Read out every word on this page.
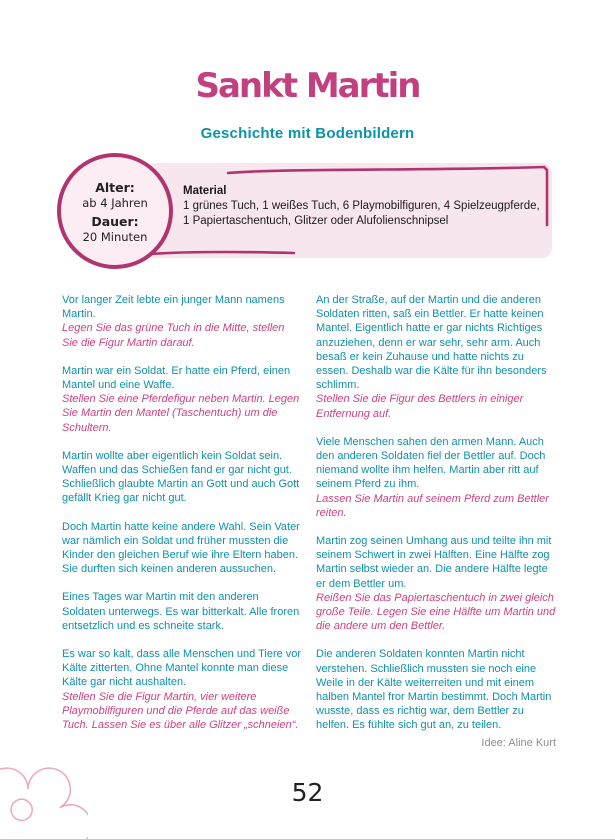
Sankt Martin
Geschichte mit Bodenbildern
Material
1 grünes Tuch, 1 weißes Tuch, 6 Playmobilfiguren, 4 Spielzeugpferde, 1 Papiertaschentuch, Glitzer oder Alufolienschnipsel
Alter:
ab 4 Jahren
Dauer:
20 Minuten

Vor langer Zeit lebte ein junger Mann namens Martin.

Legen Sie das grüne Tuch in die Mitte, stellen Sie die Figur Martin darauf.

Martin war ein Soldat. Er hatte ein Pferd, einen Mantel und eine Waffe.

Stellen Sie eine Pferdefigur neben Martin. Legen Sie Martin den Mantel (Taschentuch) um die Schultern.

Martin wollte aber eigentlich kein Soldat sein. Waffen und das Schießen fand er gar nicht gut. Schließlich glaubte Martin an Gott und auch Gott gefällt Krieg gar nicht gut.

Doch Martin hatte keine andere Wahl. Sein Vater war nämlich ein Soldat und früher mussten die Kinder den gleichen Beruf wie ihre Eltern haben. Sie durften sich keinen anderen aussuchen.

Eines Tages war Martin mit den anderen Soldaten unterwegs. Es war bitterkalt. Alle froren entsetzlich und es schneite stark.

Es war so kalt, dass alle Menschen und Tiere vor Kälte zitterten. Ohne Mantel konnte man diese Kälte gar nicht aushalten.

Stellen Sie die Figur Martin, vier weitere Playmobilfiguren und die Pferde auf das weiße Tuch. Lassen Sie es über alle Glitzer „schneien“.

An der Straße, auf der Martin und die anderen Soldaten ritten, saß ein Bettler. Er hatte keinen Mantel. Eigentlich hatte er gar nichts Richtiges anzuziehen, denn er war sehr, sehr arm. Auch besaß er kein Zuhause und hatte nichts zu essen. Deshalb war die Kälte für ihn besonders schlimm.

Stellen Sie die Figur des Bettlers in einiger Entfernung auf.

Viele Menschen sahen den armen Mann. Auch den anderen Soldaten fiel der Bettler auf. Doch niemand wollte ihm helfen. Martin aber ritt auf seinem Pferd zu ihm.

Lassen Sie Martin auf seinem Pferd zum Bettler reiten.

Martin zog seinen Umhang aus und teilte ihn mit seinem Schwert in zwei Hälften. Eine Hälfte zog Martin selbst wieder an. Die andere Hälfte legte er dem Bettler um.

Reißen Sie das Papiertaschentuch in zwei gleich große Teile. Legen Sie eine Hälfte um Martin und die andere um den Bettler.

Die anderen Soldaten konnten Martin nicht verstehen. Schließlich mussten sie noch eine Weile in der Kälte weiterreiten und mit einem halben Mantel fror Martin bestimmt. Doch Martin wusste, dass es richtig war, dem Bettler zu helfen. Es fühlte sich gut an, zu teilen.

Idee: Aline Kurt
52
